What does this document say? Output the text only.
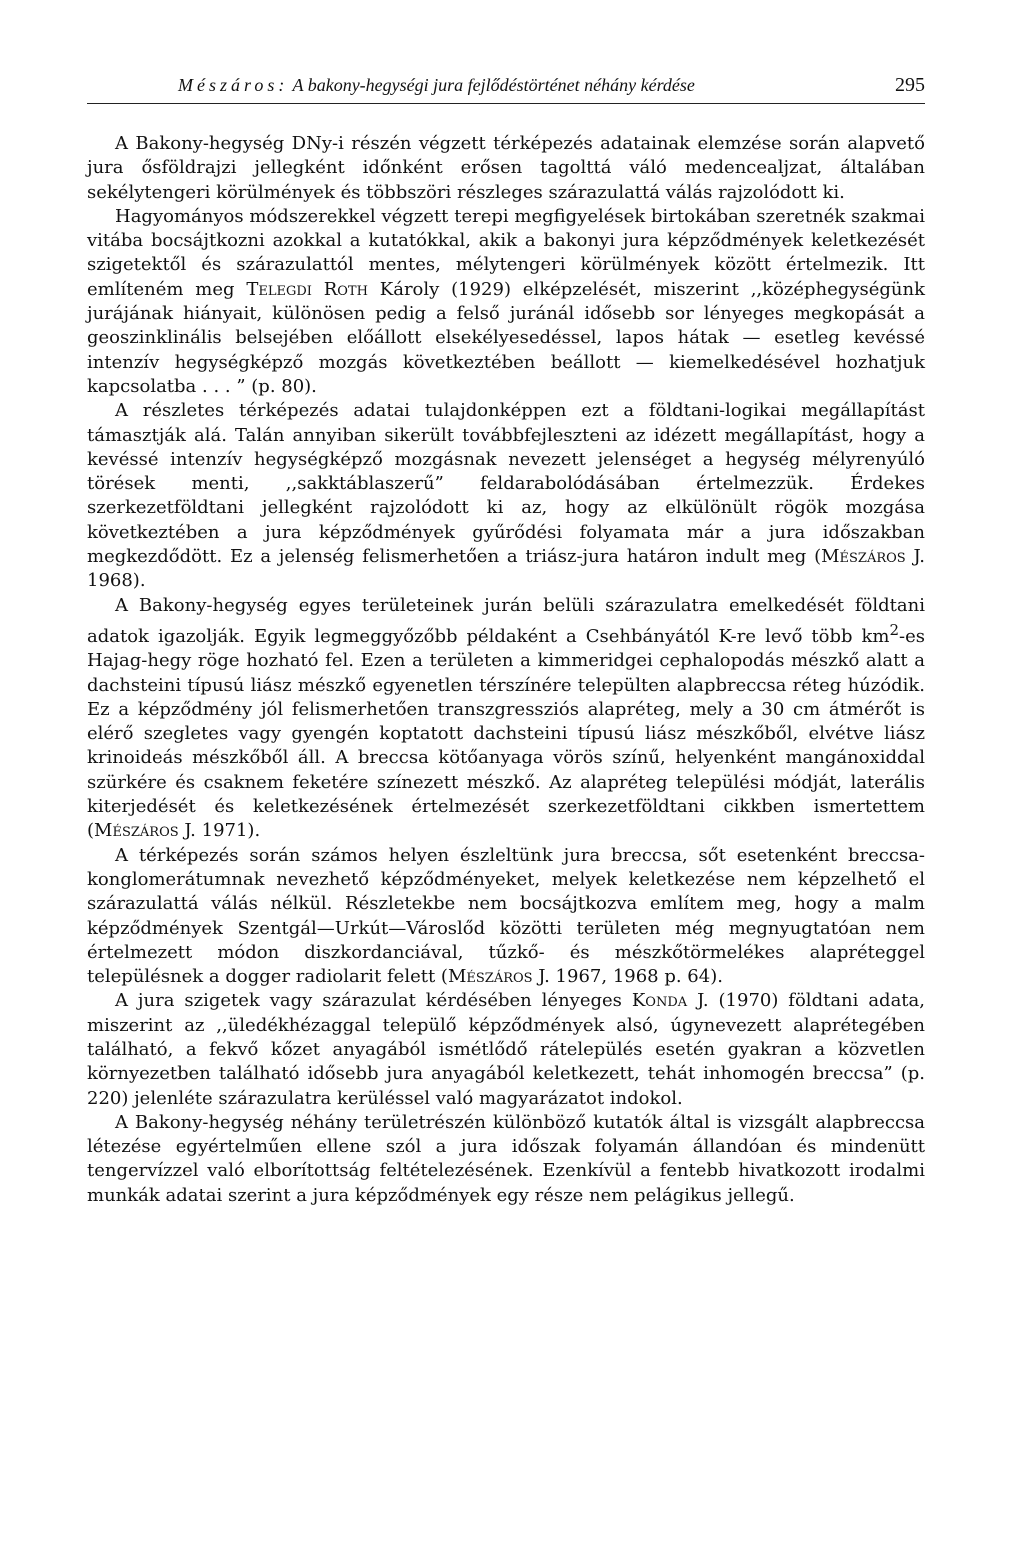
Mészáros: A bakony-hegységi jura fejlődéstörténet néhány kérdése	295

A Bakony-hegység DNy-i részén végzett térképezés adatainak elemzése során alapvető jura ősföldrajzi jellegként időnként erősen tagolttá váló medencealjzat, általában sekélytengeri körülmények és többszöri részleges szárazulattá válás rajzolódott ki.

Hagyományos módszerekkel végzett terepi megfigyelések birtokában szeretnék szakmai vitába bocsájtkozni azokkal a kutatókkal, akik a bakonyi jura képződmények keletkezését szigetektől és szárazulattól mentes, mélytengeri körülmények között értelmezik. Itt említeném meg Telegdi Roth Károly (1929) elképzelését, miszerint ,,középhegységünk jurájának hiányait, különösen pedig a felső juránál idősebb sor lényeges megkopását a geoszinklinális belsejében előállott elsekélyesedéssel, lapos hátak — esetleg kevéssé intenzív hegységképző mozgás következtében beállott — kiemelkedésével hozhatjuk kapcsolatba . . . ” (p. 80).

A részletes térképezés adatai tulajdonképpen ezt a földtani-logikai megállapítást támasztják alá. Talán annyiban sikerült továbbfejleszteni az idézett megállapítást, hogy a kevéssé intenzív hegységképző mozgásnak nevezett jelenséget a hegység mélyrenyúló törések menti, ,,sakktáblaszerű” feldarabolódásában értelmezzük. Érdekes szerkezetföldtani jellegként rajzolódott ki az, hogy az elkülönült rögök mozgása következtében a jura képződmények gyűrődési folyamata már a jura időszakban megkezdődött. Ez a jelenség felismerhetően a triász-jura határon indult meg (Mészáros J. 1968).

A Bakony-hegység egyes területeinek jurán belüli szárazulatra emelkedését földtani adatok igazolják. Egyik legmeggyőzőbb példaként a Csehbányától K-re levő több $km^2-es$ Hajag-hegy röge hozható fel. Ezen a területen a kimmeridgei cephalopodás mészkő alatt a dachsteini típusú liász mészkő egyenetlen térszínére települten alapbreccsa réteg húzódik. Ez a képződmény jól felismerhetően transzgressziós alapréteg, mely a 30 cm átmérőt is elérő szegletes vagy gyengén koptatott dachsteini típusú liász mészkőből, elvétve liász krinoideás mészkőből áll. A breccsa kötőanyaga vörös színű, helyenként mangánoxiddal szürkére és csaknem feketére színezett mészkő. Az alapréteg települési módját, laterális kiterjedését és keletkezésének értelmezését szerkezetföldtani cikkben ismertettem (Mészáros J. 1971).

A térképezés során számos helyen észleltünk jura breccsa, sőt esetenként breccsa-konglomerátumnak nevezhető képződményeket, melyek keletkezése nem képzelhető el szárazulattá válás nélkül. Részletekbe nem bocsájtkozva említem meg, hogy a malm képződmények Szentgál—Urkút—Városlőd közötti területen még megnyugtatóan nem értelmezett módon diszkordanciával, tűzkő- és mészkőtörmelékes alapréteggel településnek a dogger radiolarit felett (Mészáros J. 1967, 1968 p. 64).

A jura szigetek vagy szárazulat kérdésében lényeges Konda J. (1970) földtani adata, miszerint az ,,üledékhézaggal települő képződmények alsó, úgynevezett alaprétegében található, a fekvő kőzet anyagából ismétlődő rátelepülés esetén gyakran a közvetlen környezetben található idősebb jura anyagából keletkezett, tehát inhomogén breccsa” (p. 220) jelenléte szárazulatra kerüléssel való magyarázatot indokol.

A Bakony-hegység néhány területrészén különböző kutatók által is vizsgált alapbreccsa létezése egyértelműen ellene szól a jura időszak folyamán állandóan és mindenütt tengervízzel való elborítottság feltételezésének. Ezenkívül a fentebb hivatkozott irodalmi munkák adatai szerint a jura képződmények egy része nem pelágikus jellegű.
